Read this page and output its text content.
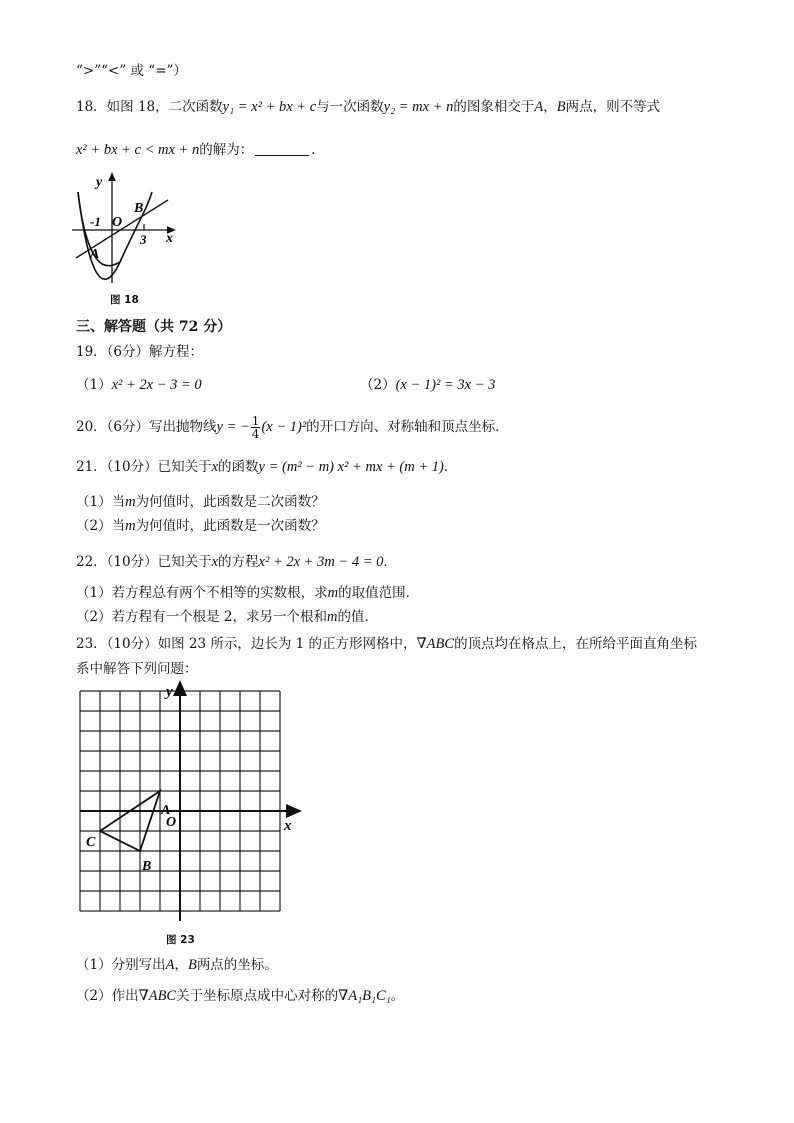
“>”“<” 或 “=”）
18．如图 18，二次函数y₁ = x² + bx + c与一次函数y₂ = mx + n的图象相交于A，B两点，则不等式
x² + bx + c < mx + n的解为：	.
y
x
O
-1
3
A
B
图 18
三、解答题（共 72 分）
19．（6分）解方程：
（1）x² + 2x − 3 = 0	（2）(x − 1)² = 3x − 3
20．（6分）写出抛物线y = − $\frac{1}{4} (x - 1)^2$的开口方向、对称轴和顶点坐标．
21．（10分）已知关于x的函数y = (m² − m) x² + mx + (m + 1)．
（1）当m为何值时，此函数是二次函数？
（2）当m为何值时，此函数是一次函数？
22．（10分）已知关于x的方程x² + 2x + 3m − 4 = 0．
（1）若方程总有两个不相等的实数根，求m的取值范围．
（2）若方程有一个根是 2，求另一个根和m的值．
23．（10分）如图 23 所示，边长为 1 的正方形网格中，∇ABC的顶点均在格点上，在所给平面直角坐标
系中解答下列问题：
y
x
A
O
B
C
图 23
（1）分别写出A，B两点的坐标。
（2）作出∇ABC关于坐标原点成中心对称的∇A₁B₁C₁。
